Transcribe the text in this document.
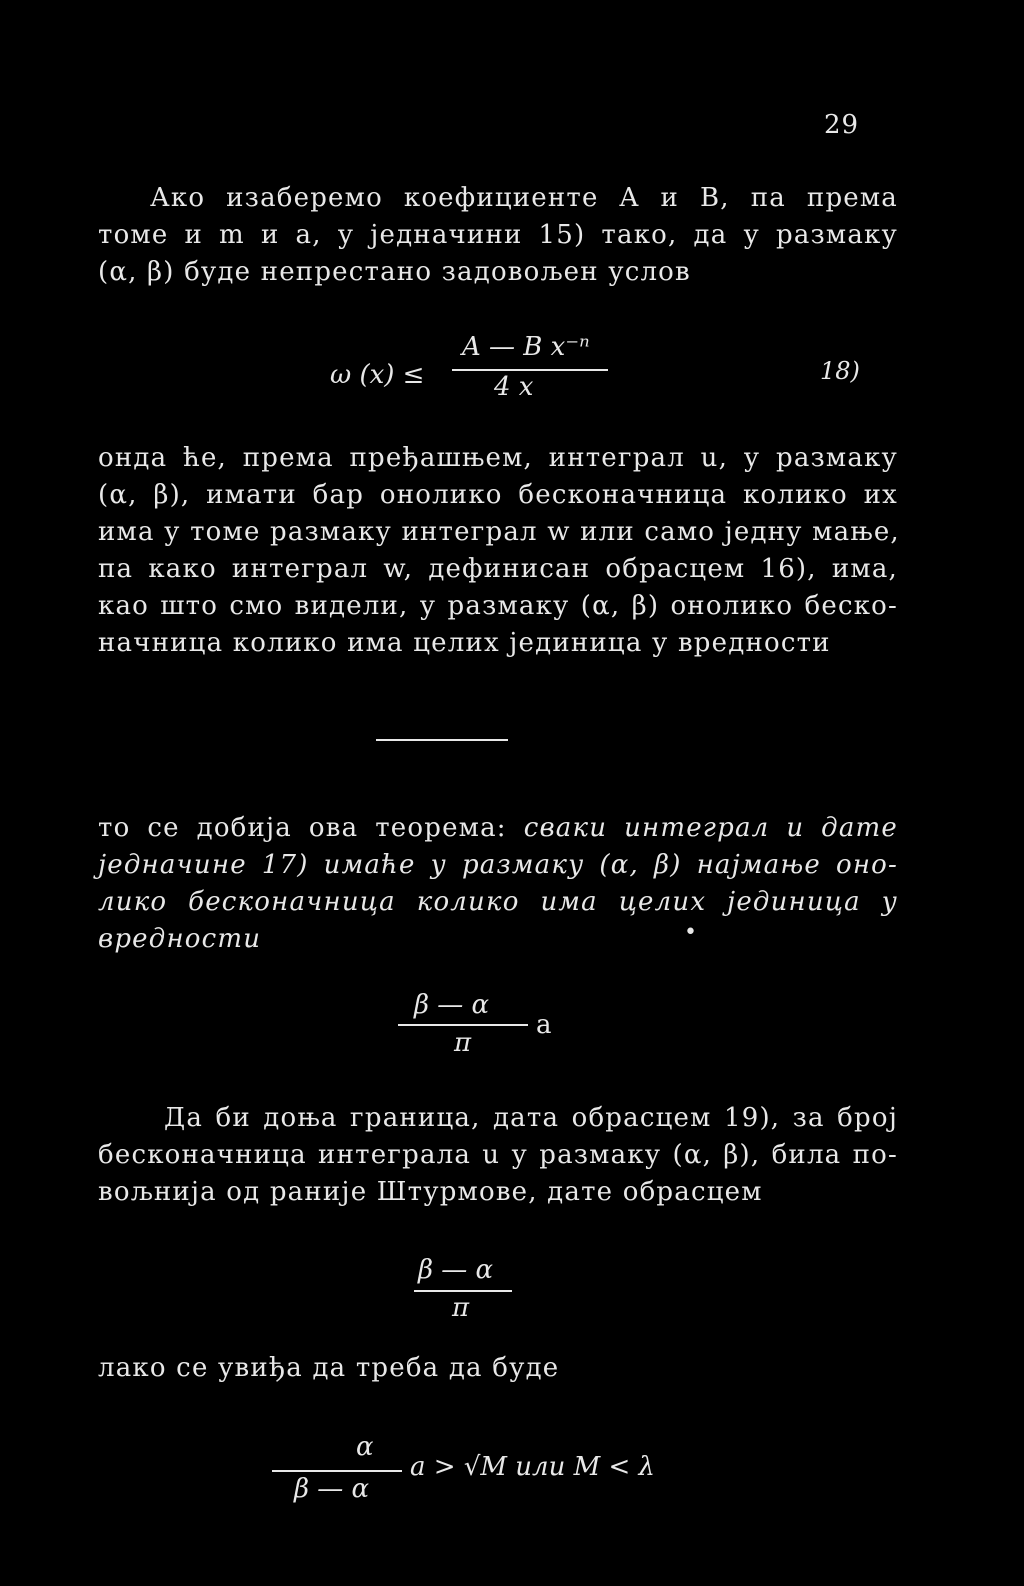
29
Ако изаберемо коефициенте A и B, па према
томе и m и a, у једначини 15) тако, да у размаку
(α, β) буде непрестано задовољен услов
ω (x) ≤
A — B x⁻ⁿ
4 x
18)
онда ће, према пређашњем, интеграл u, у размаку
(α, β), имати бар онолико бесконачница колико их
има у томе размаку интеграл w или само једну мање,
па како интеграл w, дефинисан обрасцем 16), има,
као што смо видели, у размаку (α, β) онолико беско-
начница колико има целих јединица у вредности
то се добија ова теорема: сваки интеграл u дате
једначине 17) имаће у размаку (α, β) најмање оно-
лико бесконачница колико има целих јединица у
вредности	•
β — α
π
a
Да би доња граница, дата обрасцем 19), за број
бесконачница интеграла u у размаку (α, β), била по-
вољнија од раније Штурмове, дате обрасцем
β — α
π
лако се увиђа да треба да буде
α
β — α
a > √M или M < λ
